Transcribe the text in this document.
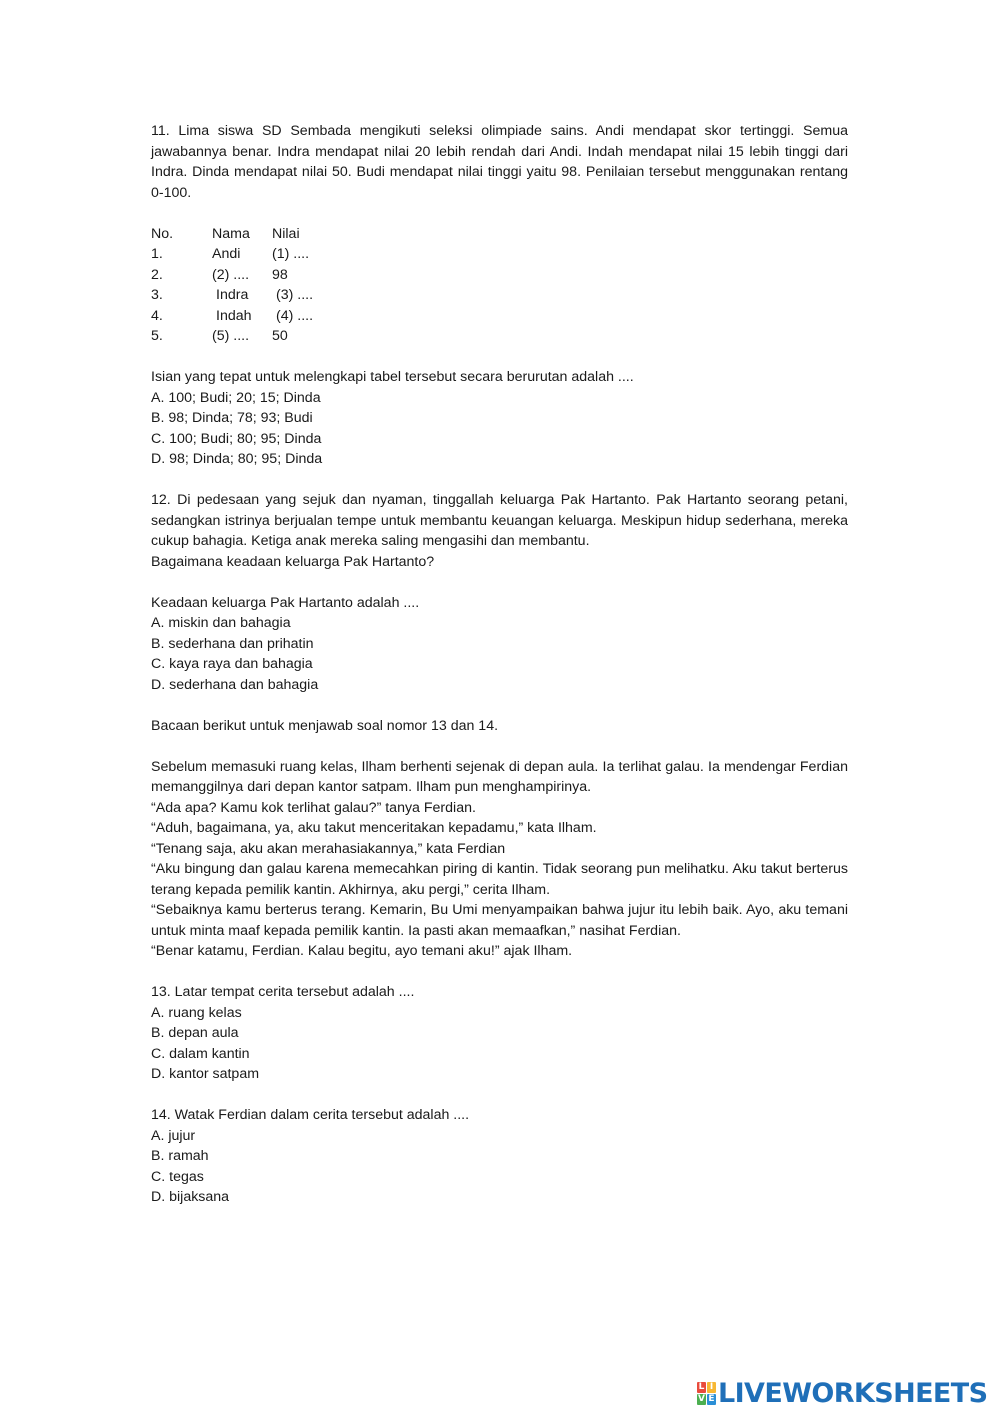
11. Lima siswa SD Sembada mengikuti seleksi olimpiade sains. Andi mendapat skor tertinggi. Semua jawabannya benar. Indra mendapat nilai 20 lebih rendah dari Andi. Indah mendapat nilai 15 lebih tinggi dari Indra. Dinda mendapat nilai 50. Budi mendapat nilai tinggi yaitu 98. Penilaian tersebut menggunakan rentang 0-100.

No.	Nama	Nilai
1.	Andi	(1) ....
2.	(2) ....	98
3.	Indra	(3) ....
4.	Indah	(4) ....
5.	(5) ....	50

Isian yang tepat untuk melengkapi tabel tersebut secara berurutan adalah ....

A. 100; Budi; 20; 15; Dinda

B. 98; Dinda; 78; 93; Budi

C. 100; Budi; 80; 95; Dinda

D. 98; Dinda; 80; 95; Dinda

12. Di pedesaan yang sejuk dan nyaman, tinggallah keluarga Pak Hartanto. Pak Hartanto seorang petani, sedangkan istrinya berjualan tempe untuk membantu keuangan keluarga. Meskipun hidup sederhana, mereka cukup bahagia. Ketiga anak mereka saling mengasihi dan membantu.

Bagaimana keadaan keluarga Pak Hartanto?

Keadaan keluarga Pak Hartanto adalah ....

A. miskin dan bahagia

B. sederhana dan prihatin

C. kaya raya dan bahagia

D. sederhana dan bahagia

Bacaan berikut untuk menjawab soal nomor 13 dan 14.

Sebelum memasuki ruang kelas, Ilham berhenti sejenak di depan aula. Ia terlihat galau. Ia mendengar Ferdian memanggilnya dari depan kantor satpam. Ilham pun menghampirinya.

“Ada apa? Kamu kok terlihat galau?” tanya Ferdian.

“Aduh, bagaimana, ya, aku takut menceritakan kepadamu,” kata Ilham.

“Tenang saja, aku akan merahasiakannya,” kata Ferdian

“Aku bingung dan galau karena memecahkan piring di kantin. Tidak seorang pun melihatku. Aku takut berterus terang kepada pemilik kantin. Akhirnya, aku pergi,” cerita Ilham.

“Sebaiknya kamu berterus terang. Kemarin, Bu Umi menyampaikan bahwa jujur itu lebih baik. Ayo, aku temani untuk minta maaf kepada pemilik kantin. Ia pasti akan memaafkan,” nasihat Ferdian.

“Benar katamu, Ferdian. Kalau begitu, ayo temani aku!” ajak Ilham.

13. Latar tempat cerita tersebut adalah ....

A. ruang kelas

B. depan aula

C. dalam kantin

D. kantor satpam

14. Watak Ferdian dalam cerita tersebut adalah ....

A. jujur

B. ramah

C. tegas

D. bijaksana

L I
V E LIVEWORKSHEETS
